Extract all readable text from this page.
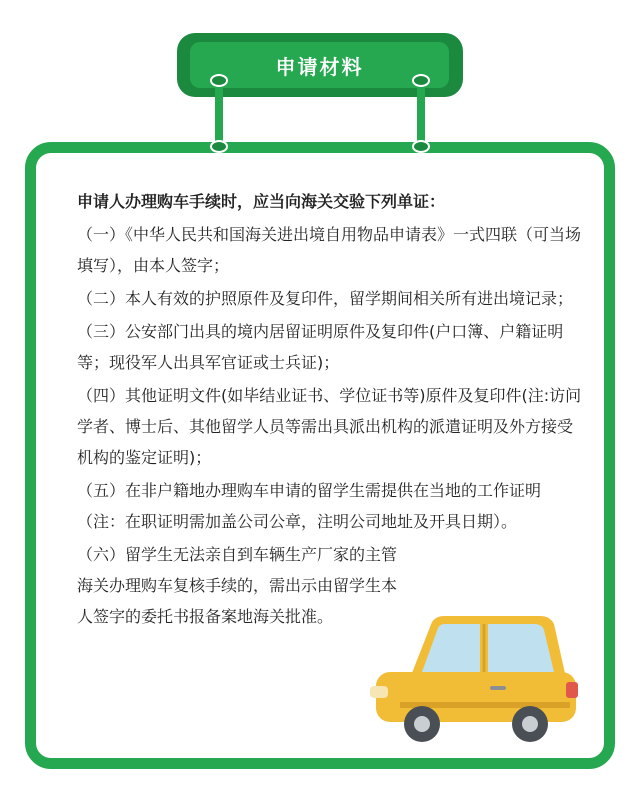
申请材料

申请人办理购车手续时，应当向海关交验下列单证：

（一）《中华人民共和国海关进出境自用物品申请表》一式四联（可当场填写），由本人签字；

（二）本人有效的护照原件及复印件，留学期间相关所有进出境记录；

（三）公安部门出具的境内居留证明原件及复印件(户口簿、户籍证明等；现役军人出具军官证或士兵证)；

（四）其他证明文件(如毕结业证书、学位证书等)原件及复印件(注:访问学者、博士后、其他留学人员等需出具派出机构的派遣证明及外方接受机构的鉴定证明)；

（五）在非户籍地办理购车申请的留学生需提供在当地的工作证明（注：在职证明需加盖公司公章，注明公司地址及开具日期）。

（六）留学生无法亲自到车辆生产厂家的主管海关办理购车复核手续的，需出示由留学生本人签字的委托书报备案地海关批准。
